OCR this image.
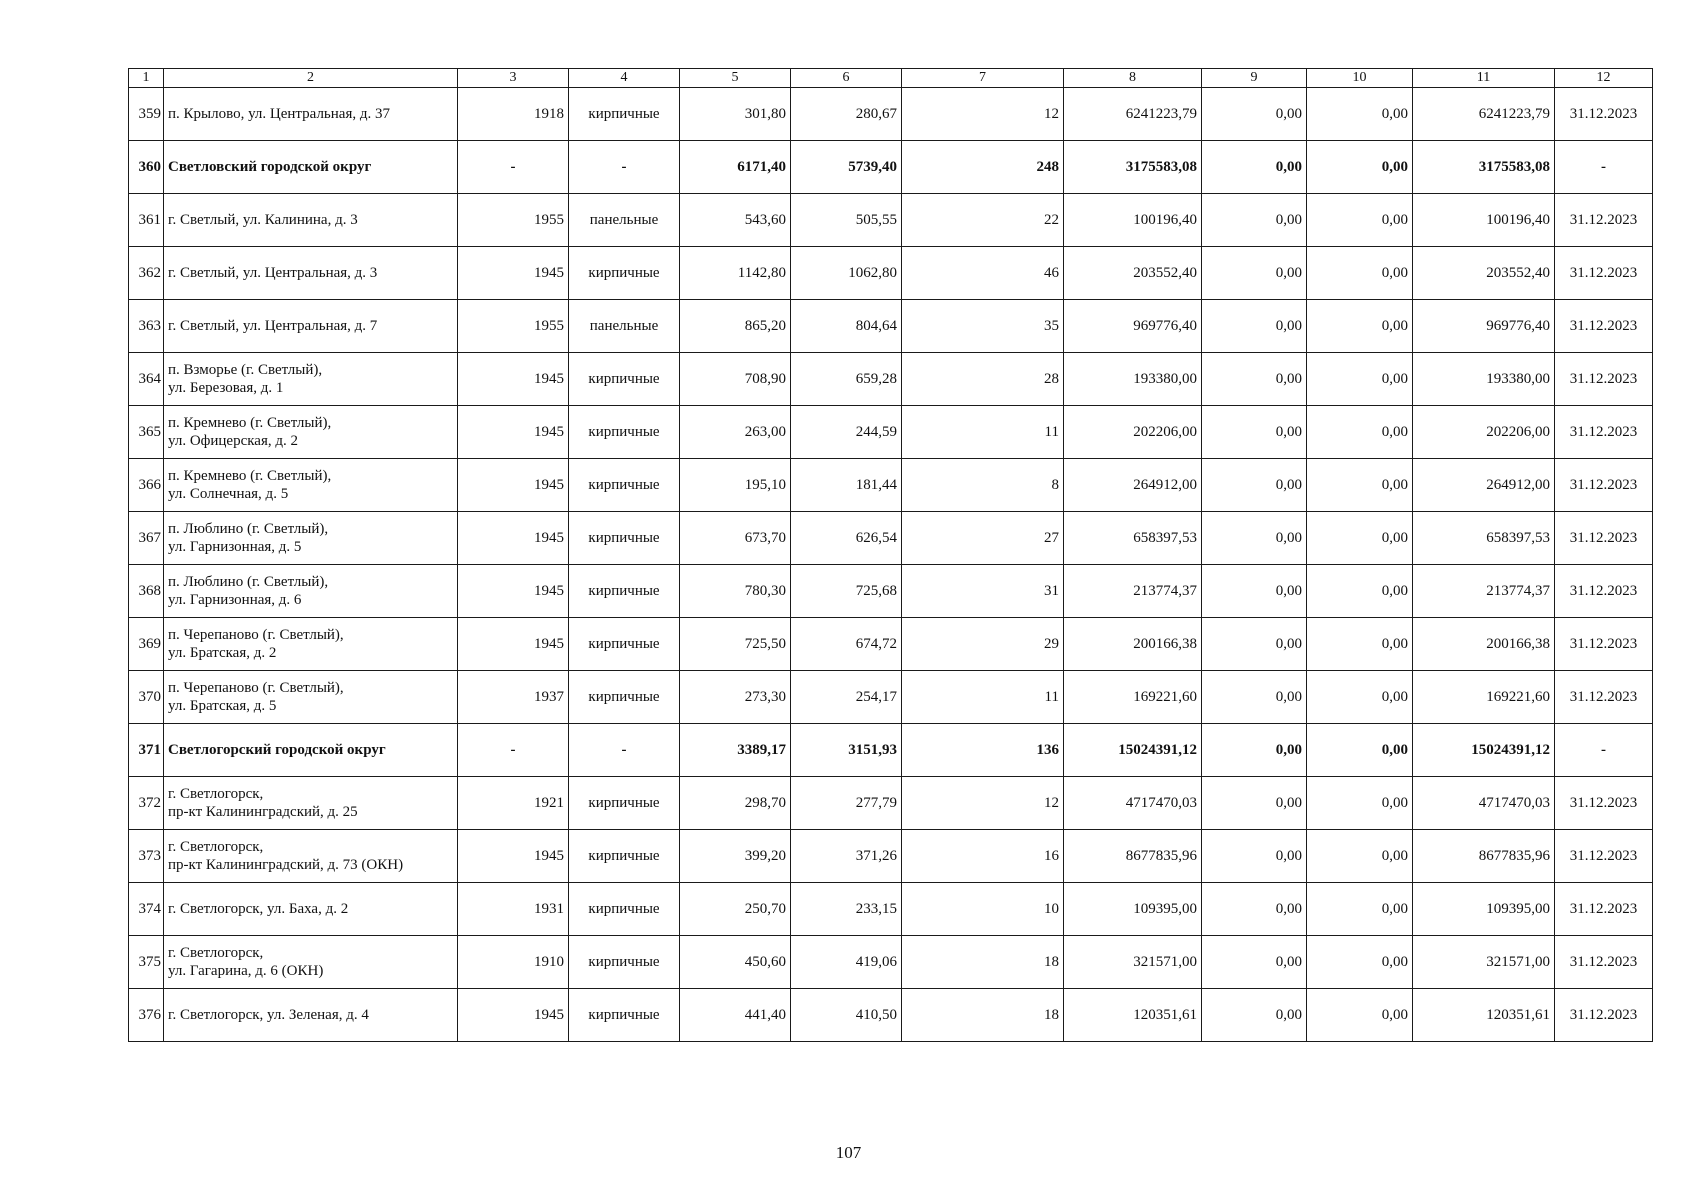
1	2	3	4	5	6	7	8	9	10	11	12
359	п. Крылово, ул. Центральная, д. 37	1918	кирпичные	301,80	280,67	12	6241223,79	0,00	0,00	6241223,79	31.12.2023
360	Светловский городской округ	-	-	6171,40	5739,40	248	3175583,08	0,00	0,00	3175583,08	-
361	г. Светлый, ул. Калинина, д. 3	1955	панельные	543,60	505,55	22	100196,40	0,00	0,00	100196,40	31.12.2023
362	г. Светлый, ул. Центральная, д. 3	1945	кирпичные	1142,80	1062,80	46	203552,40	0,00	0,00	203552,40	31.12.2023
363	г. Светлый, ул. Центральная, д. 7	1955	панельные	865,20	804,64	35	969776,40	0,00	0,00	969776,40	31.12.2023
364	п. Взморье (г. Светлый),
ул. Березовая, д. 1	1945	кирпичные	708,90	659,28	28	193380,00	0,00	0,00	193380,00	31.12.2023
365	п. Кремнево (г. Светлый),
ул. Офицерская, д. 2	1945	кирпичные	263,00	244,59	11	202206,00	0,00	0,00	202206,00	31.12.2023
366	п. Кремнево (г. Светлый),
ул. Солнечная, д. 5	1945	кирпичные	195,10	181,44	8	264912,00	0,00	0,00	264912,00	31.12.2023
367	п. Люблино (г. Светлый),
ул. Гарнизонная, д. 5	1945	кирпичные	673,70	626,54	27	658397,53	0,00	0,00	658397,53	31.12.2023
368	п. Люблино (г. Светлый),
ул. Гарнизонная, д. 6	1945	кирпичные	780,30	725,68	31	213774,37	0,00	0,00	213774,37	31.12.2023
369	п. Черепаново (г. Светлый),
ул. Братская, д. 2	1945	кирпичные	725,50	674,72	29	200166,38	0,00	0,00	200166,38	31.12.2023
370	п. Черепаново (г. Светлый),
ул. Братская, д. 5	1937	кирпичные	273,30	254,17	11	169221,60	0,00	0,00	169221,60	31.12.2023
371	Светлогорский городской округ	-	-	3389,17	3151,93	136	15024391,12	0,00	0,00	15024391,12	-
372	г. Светлогорск,
пр-кт Калининградский, д. 25	1921	кирпичные	298,70	277,79	12	4717470,03	0,00	0,00	4717470,03	31.12.2023
373	г. Светлогорск,
пр-кт Калининградский, д. 73 (ОКН)	1945	кирпичные	399,20	371,26	16	8677835,96	0,00	0,00	8677835,96	31.12.2023
374	г. Светлогорск, ул. Баха, д. 2	1931	кирпичные	250,70	233,15	10	109395,00	0,00	0,00	109395,00	31.12.2023
375	г. Светлогорск,
ул. Гагарина, д. 6 (ОКН)	1910	кирпичные	450,60	419,06	18	321571,00	0,00	0,00	321571,00	31.12.2023
376	г. Светлогорск, ул. Зеленая, д. 4	1945	кирпичные	441,40	410,50	18	120351,61	0,00	0,00	120351,61	31.12.2023
107
